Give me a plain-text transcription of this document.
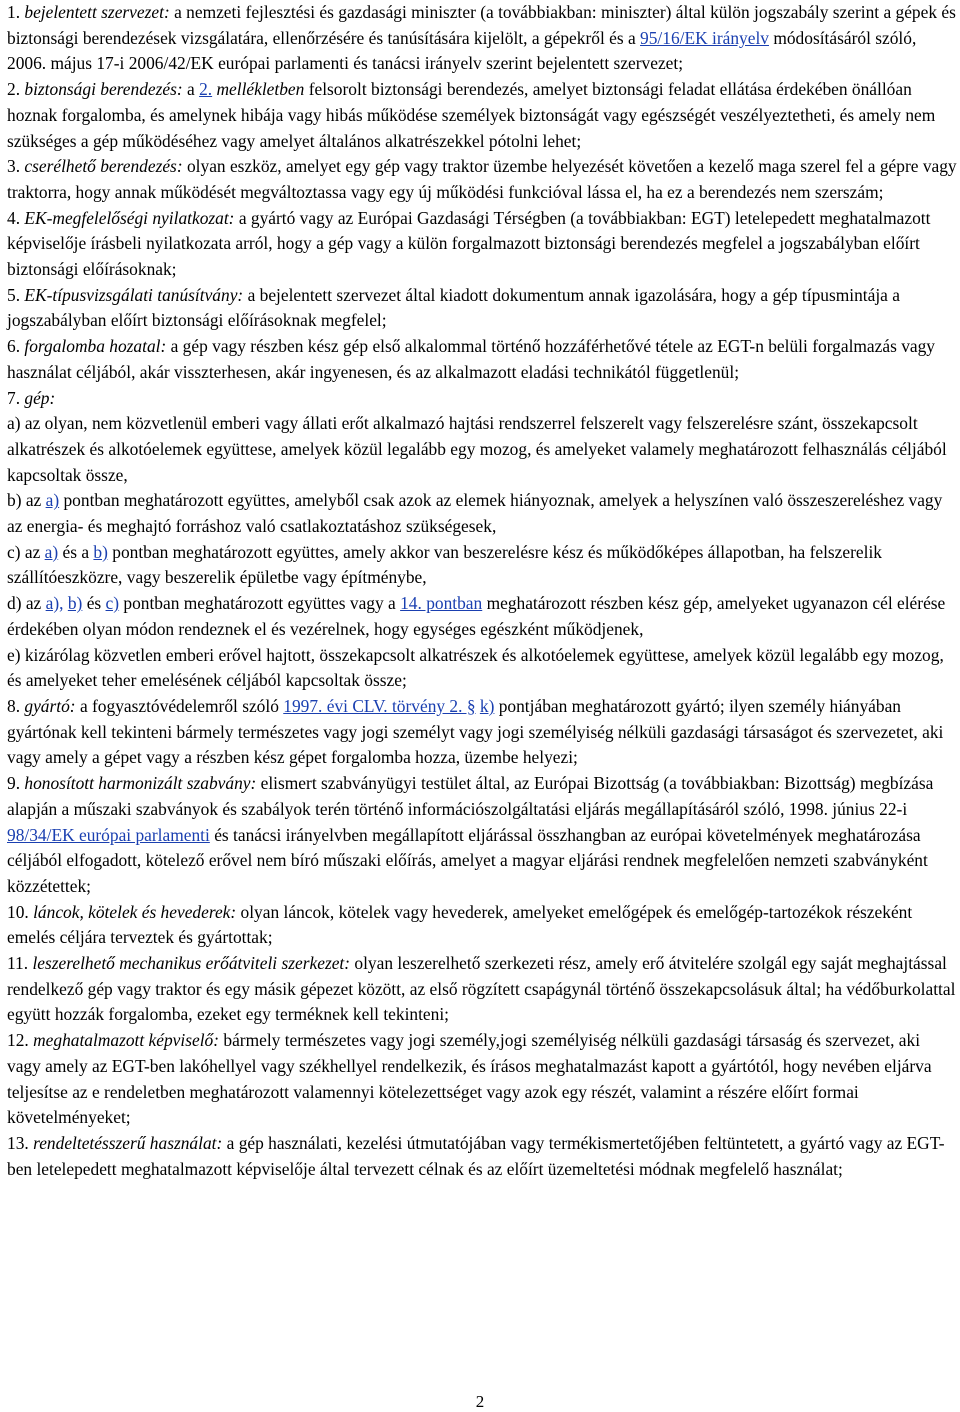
1. bejelentett szervezet: a nemzeti fejlesztési és gazdasági miniszter (a továbbiakban: miniszter) által külön jogszabály szerint a gépek és biztonsági berendezések vizsgálatára, ellenőrzésére és tanúsítására kijelölt, a gépekről és a 95/16/EK irányelv módosításáról szóló, 2006. május 17-i 2006/42/EK európai parlamenti és tanácsi irányelv szerint bejelentett szervezet;

2. biztonsági berendezés: a 2. mellékletben felsorolt biztonsági berendezés, amelyet biztonsági feladat ellátása érdekében önállóan hoznak forgalomba, és amelynek hibája vagy hibás működése személyek biztonságát vagy egészségét veszélyeztetheti, és amely nem szükséges a gép működéséhez vagy amelyet általános alkatrészekkel pótolni lehet;

3. cserélhető berendezés: olyan eszköz, amelyet egy gép vagy traktor üzembe helyezését követően a kezelő maga szerel fel a gépre vagy traktorra, hogy annak működését megváltoztassa vagy egy új működési funkcióval lássa el, ha ez a berendezés nem szerszám;

4. EK-megfelelőségi nyilatkozat: a gyártó vagy az Európai Gazdasági Térségben (a továbbiakban: EGT) letelepedett meghatalmazott képviselője írásbeli nyilatkozata arról, hogy a gép vagy a külön forgalmazott biztonsági berendezés megfelel a jogszabályban előírt biztonsági előírásoknak;

5. EK-típusvizsgálati tanúsítvány: a bejelentett szervezet által kiadott dokumentum annak igazolására, hogy a gép típusmintája a jogszabályban előírt biztonsági előírásoknak megfelel;

6. forgalomba hozatal: a gép vagy részben kész gép első alkalommal történő hozzáférhetővé tétele az EGT-n belüli forgalmazás vagy használat céljából, akár visszterhesen, akár ingyenesen, és az alkalmazott eladási technikától függetlenül;

7. gép:

a) az olyan, nem közvetlenül emberi vagy állati erőt alkalmazó hajtási rendszerrel felszerelt vagy felszerelésre szánt, összekapcsolt alkatrészek és alkotóelemek együttese, amelyek közül legalább egy mozog, és amelyeket valamely meghatározott felhasználás céljából kapcsoltak össze,

b) az a) pontban meghatározott együttes, amelyből csak azok az elemek hiányoznak, amelyek a helyszínen való összeszereléshez vagy az energia- és meghajtó forráshoz való csatlakoztatáshoz szükségesek,

c) az a) és a b) pontban meghatározott együttes, amely akkor van beszerelésre kész és működőképes állapotban, ha felszerelik szállítóeszközre, vagy beszerelik épületbe vagy építménybe,

d) az a), b) és c) pontban meghatározott együttes vagy a 14. pontban meghatározott részben kész gép, amelyeket ugyanazon cél elérése érdekében olyan módon rendeznek el és vezérelnek, hogy egységes egészként működjenek,

e) kizárólag közvetlen emberi erővel hajtott, összekapcsolt alkatrészek és alkotóelemek együttese, amelyek közül legalább egy mozog, és amelyeket teher emelésének céljából kapcsoltak össze;

8. gyártó: a fogyasztóvédelemről szóló 1997. évi CLV. törvény 2. § k) pontjában meghatározott gyártó; ilyen személy hiányában gyártónak kell tekinteni bármely természetes vagy jogi személyt vagy jogi személyiség nélküli gazdasági társaságot és szervezetet, aki vagy amely a gépet vagy a részben kész gépet forgalomba hozza, üzembe helyezi;

9. honosított harmonizált szabvány: elismert szabványügyi testület által, az Európai Bizottság (a továbbiakban: Bizottság) megbízása alapján a műszaki szabványok és szabályok terén történő információszolgáltatási eljárás megállapításáról szóló, 1998. június 22-i 98/34/EK európai parlamenti és tanácsi irányelvben megállapított eljárással összhangban az európai követelmények meghatározása céljából elfogadott, kötelező erővel nem bíró műszaki előírás, amelyet a magyar eljárási rendnek megfelelően nemzeti szabványként közzétettek;

10. láncok, kötelek és hevederek: olyan láncok, kötelek vagy hevederek, amelyeket emelőgépek és emelőgép-tartozékok részeként emelés céljára terveztek és gyártottak;

11. leszerelhető mechanikus erőátviteli szerkezet: olyan leszerelhető szerkezeti rész, amely erő átvitelére szolgál egy saját meghajtással rendelkező gép vagy traktor és egy másik gépezet között, az első rögzített csapágynál történő összekapcsolásuk által; ha védőburkolattal együtt hozzák forgalomba, ezeket egy terméknek kell tekinteni;

12. meghatalmazott képviselő: bármely természetes vagy jogi személy,jogi személyiség nélküli gazdasági társaság és szervezet, aki vagy amely az EGT-ben lakóhellyel vagy székhellyel rendelkezik, és írásos meghatalmazást kapott a gyártótól, hogy nevében eljárva teljesítse az e rendeletben meghatározott valamennyi kötelezettséget vagy azok egy részét, valamint a részére előírt formai követelményeket;

13. rendeltetésszerű használat: a gép használati, kezelési útmutatójában vagy termékismertetőjében feltüntetett, a gyártó vagy az EGT-ben letelepedett meghatalmazott képviselője által tervezett célnak és az előírt üzemeltetési módnak megfelelő használat;

2
